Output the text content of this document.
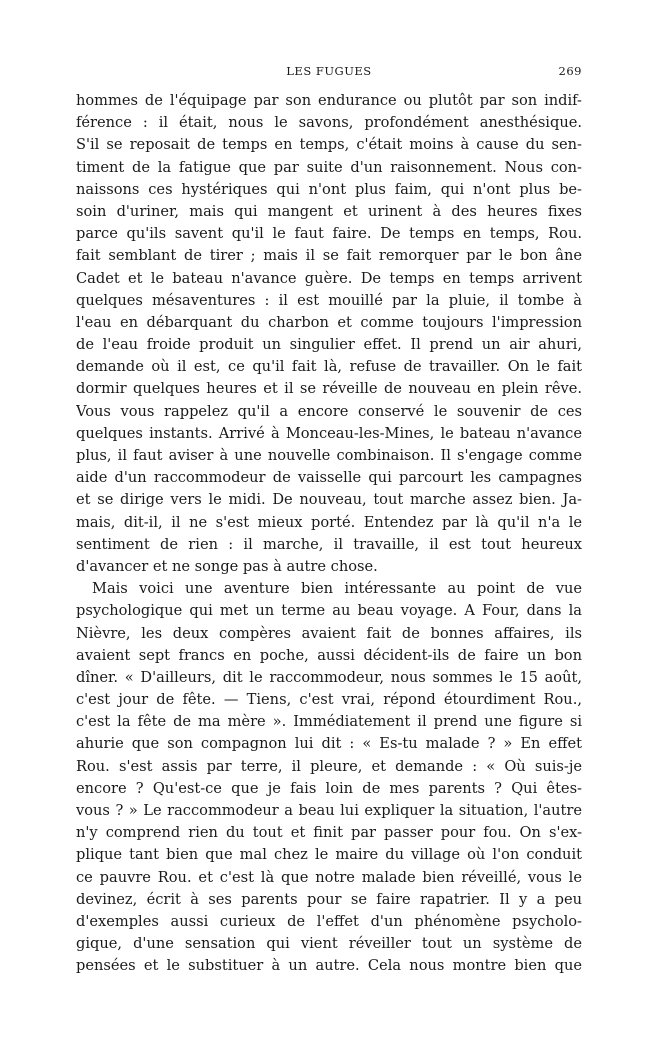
LES FUGUES	269
hommes de l'équipage par son endurance ou plutôt par son indif-
férence : il était, nous le savons, profondément anesthésique.
S'il se reposait de temps en temps, c'était moins à cause du sen-
timent de la fatigue que par suite d'un raisonnement. Nous con-
naissons ces hystériques qui n'ont plus faim, qui n'ont plus be-
soin d'uriner, mais qui mangent et urinent à des heures fixes
parce qu'ils savent qu'il le faut faire. De temps en temps, Rou.
fait semblant de tirer ; mais il se fait remorquer par le bon âne
Cadet et le bateau n'avance guère. De temps en temps arrivent
quelques mésaventures : il est mouillé par la pluie, il tombe à
l'eau en débarquant du charbon et comme toujours l'impression
de l'eau froide produit un singulier effet. Il prend un air ahuri,
demande où il est, ce qu'il fait là, refuse de travailler. On le fait
dormir quelques heures et il se réveille de nouveau en plein rêve.
Vous vous rappelez qu'il a encore conservé le souvenir de ces
quelques instants. Arrivé à Monceau-les-Mines, le bateau n'avance
plus, il faut aviser à une nouvelle combinaison. Il s'engage comme
aide d'un raccommodeur de vaisselle qui parcourt les campagnes
et se dirige vers le midi. De nouveau, tout marche assez bien. Ja-
mais, dit-il, il ne s'est mieux porté. Entendez par là qu'il n'a le
sentiment de rien : il marche, il travaille, il est tout heureux
d'avancer et ne songe pas à autre chose.
Mais voici une aventure bien intéressante au point de vue
psychologique qui met un terme au beau voyage. A Four, dans la
Nièvre, les deux compères avaient fait de bonnes affaires, ils
avaient sept francs en poche, aussi décident-ils de faire un bon
dîner. « D'ailleurs, dit le raccommodeur, nous sommes le 15 août,
c'est jour de fête. — Tiens, c'est vrai, répond étourdiment Rou.,
c'est la fête de ma mère ». Immédiatement il prend une figure si
ahurie que son compagnon lui dit : « Es-tu malade ? » En effet
Rou. s'est assis par terre, il pleure, et demande : « Où suis-je
encore ? Qu'est-ce que je fais loin de mes parents ? Qui êtes-
vous ? » Le raccommodeur a beau lui expliquer la situation, l'autre
n'y comprend rien du tout et finit par passer pour fou. On s'ex-
plique tant bien que mal chez le maire du village où l'on conduit
ce pauvre Rou. et c'est là que notre malade bien réveillé, vous le
devinez, écrit à ses parents pour se faire rapatrier. Il y a peu
d'exemples aussi curieux de l'effet d'un phénomène psycholo-
gique, d'une sensation qui vient réveiller tout un système de
pensées et le substituer à un autre. Cela nous montre bien que
